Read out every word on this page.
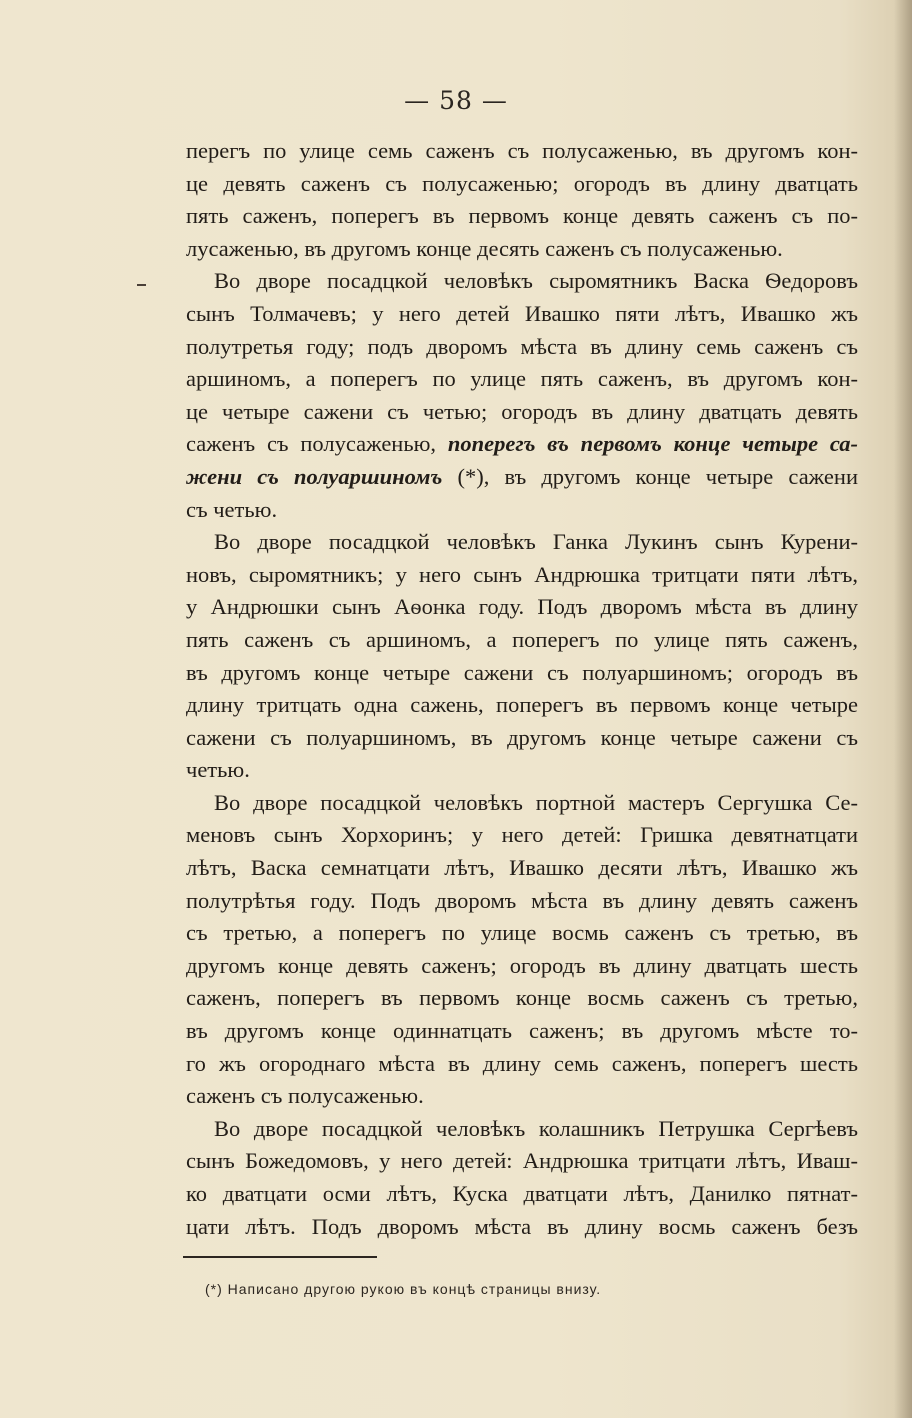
— 58 —
перегъ по улице семь саженъ съ полусаженью, въ другомъ кон-
це девять саженъ съ полусаженью; огородъ въ длину дватцать
пять саженъ, поперегъ въ первомъ конце девять саженъ съ по-
лусаженью, въ другомъ конце десять саженъ съ полусаженью.
Во дворе посадцкой человѣкъ сыромятникъ Васка Ѳедоровъ
сынъ Толмачевъ; у него детей Ивашко пяти лѣтъ, Ивашко жъ
полутретья году; подъ дворомъ мѣста въ длину семь саженъ съ
аршиномъ, а поперегъ по улице пять саженъ, въ другомъ кон-
це четыре сажени съ четью; огородъ въ длину дватцать девять
саженъ съ полусаженью, поперегъ въ первомъ конце четыре са-
жени съ полуаршиномъ (*), въ другомъ конце четыре сажени
съ четью.
Во дворе посадцкой человѣкъ Ганка Лукинъ сынъ Курени-
новъ, сыромятникъ; у него сынъ Андрюшка тритцати пяти лѣтъ,
у Андрюшки сынъ Аѳонка году. Подъ дворомъ мѣста въ длину
пять саженъ съ аршиномъ, а поперегъ по улице пять саженъ,
въ другомъ конце четыре сажени съ полуаршиномъ; огородъ въ
длину тритцать одна сажень, поперегъ въ первомъ конце четыре
сажени съ полуаршиномъ, въ другомъ конце четыре сажени съ
четью.
Во дворе посадцкой человѣкъ портной мастеръ Сергушка Се-
меновъ сынъ Хорхоринъ; у него детей: Гришка девятнатцати
лѣтъ, Васка семнатцати лѣтъ, Ивашко десяти лѣтъ, Ивашко жъ
полутрѣтья году. Подъ дворомъ мѣста въ длину девять саженъ
съ третью, а поперегъ по улице восмь саженъ съ третью, въ
другомъ конце девять саженъ; огородъ въ длину дватцать шесть
саженъ, поперегъ въ первомъ конце восмь саженъ съ третью,
въ другомъ конце одиннатцать саженъ; въ другомъ мѣсте то-
го жъ огороднаго мѣста въ длину семь саженъ, поперегъ шесть
саженъ съ полусаженью.
Во дворе посадцкой человѣкъ колашникъ Петрушка Сергѣевъ
сынъ Божедомовъ, у него детей: Андрюшка тритцати лѣтъ, Иваш-
ко дватцати осми лѣтъ, Куска дватцати лѣтъ, Данилко пятнат-
цати лѣтъ. Подъ дворомъ мѣста въ длину восмь саженъ безъ
(*) Написано другою рукою въ концѣ страницы внизу.
